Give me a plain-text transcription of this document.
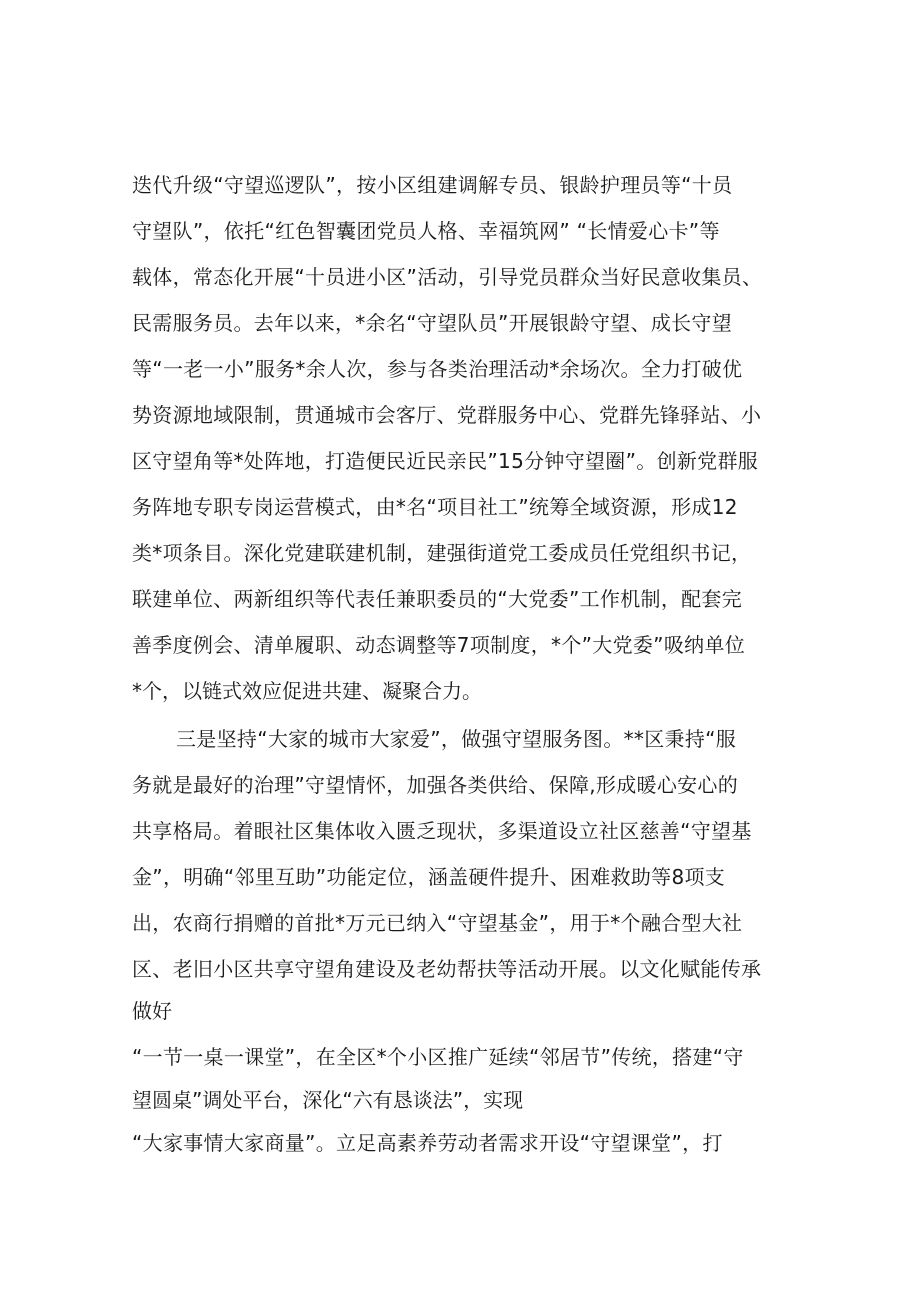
迭代升级“守望巡逻队”，按小区组建调解专员、银龄护理员等“十员
守望队”，依托“红色智囊团党员人格、幸福筑网” “长情爱心卡”等
载体，常态化开展“十员进小区”活动，引导党员群众当好民意收集员、
民需服务员。去年以来，*余名“守望队员”开展银龄守望、成长守望
等“一老一小”服务*余人次，参与各类治理活动*余场次。全力打破优
势资源地域限制，贯通城市会客厅、党群服务中心、党群先锋驿站、小
区守望角等*处阵地，打造便民近民亲民”15分钟守望圈”。创新党群服
务阵地专职专岗运营模式，由*名“项目社工”统筹全域资源，形成12
类*项条目。深化党建联建机制，建强街道党工委成员任党组织书记，
联建单位、两新组织等代表任兼职委员的“大党委”工作机制，配套完
善季度例会、清单履职、动态调整等7项制度，*个”大党委”吸纳单位
*个，以链式效应促进共建、凝聚合力。
三是坚持“大家的城市大家爱”，做强守望服务图。**区秉持“服
务就是最好的治理”守望情怀，加强各类供给、保障,形成暖心安心的
共享格局。着眼社区集体收入匮乏现状，多渠道设立社区慈善“守望基
金”，明确“邻里互助”功能定位，涵盖硬件提升、困难救助等8项支
出，农商行捐赠的首批*万元已纳入“守望基金”，用于*个融合型大社
区、老旧小区共享守望角建设及老幼帮扶等活动开展。以文化赋能传承
做好
“一节一桌一课堂”，在全区*个小区推广延续“邻居节”传统，搭建“守
望圆桌”调处平台，深化“六有恳谈法”，实现
“大家事情大家商量”。立足高素养劳动者需求开设“守望课堂”，打
